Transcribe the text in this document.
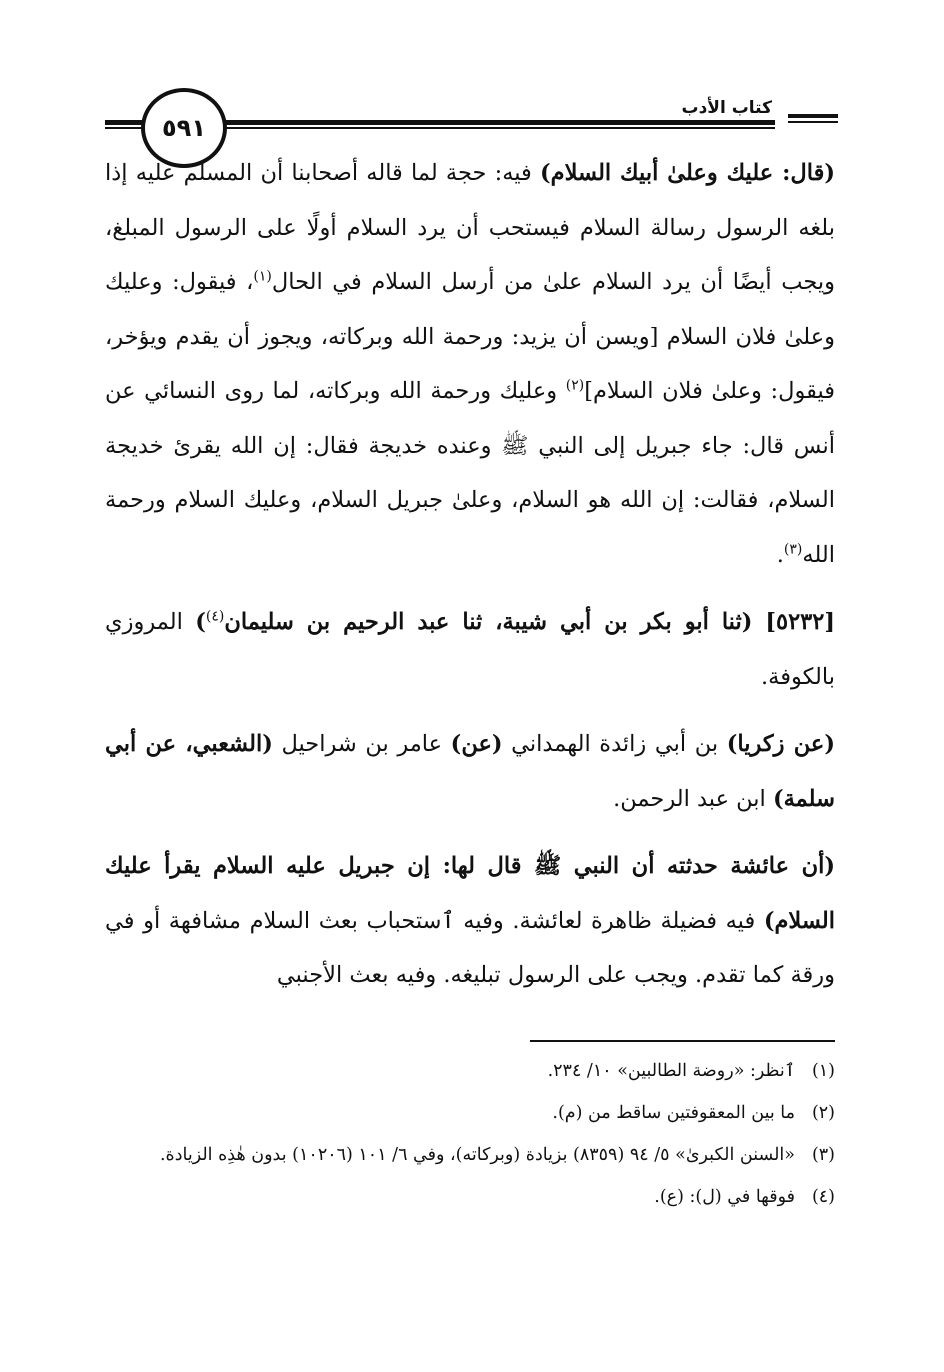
٥٩١
كتاب الأدب

(قال: عليك وعلىٰ أبيك السلام) فيه: حجة لما قاله أصحابنا أن المسلم عليه إذا بلغه الرسول رسالة السلام فيستحب أن يرد السلام أولًا على الرسول المبلغ، ويجب أيضًا أن يرد السلام علىٰ من أرسل السلام في الحال$^{(١)}$، فيقول: وعليك وعلىٰ فلان السلام [ويسن أن يزيد: ورحمة الله وبركاته، ويجوز أن يقدم ويؤخر، فيقول: وعلىٰ فلان السلام]$^{(٢)}$ وعليك ورحمة الله وبركاته، لما روى النسائي عن أنس قال: جاء جبريل إلى النبي ﷺ وعنده خديجة فقال: إن الله يقرئ خديجة السلام، فقالت: إن الله هو السلام، وعلىٰ جبريل السلام، وعليك السلام ورحمة الله$^{(٣)}$.

[٥٢٣٢] (ثنا أبو بكر بن أبي شيبة، ثنا عبد الرحيم بن سليمان$^{(٤)}$) المروزي بالكوفة.

(عن زكريا) بن أبي زائدة الهمداني (عن) عامر بن شراحيل (الشعبي، عن أبي سلمة) ابن عبد الرحمن.

(أن عائشة حدثته أن النبي ﷺ قال لها: إن جبريل عليه السلام يقرأ عليك السلام) فيه فضيلة ظاهرة لعائشة. وفيه ٱستحباب بعث السلام مشافهة أو في ورقة كما تقدم. ويجب على الرسول تبليغه. وفيه بعث الأجنبي

(١)
ٱنظر: «روضة الطالبين» ١٠/ ٢٣٤.
(٢)
ما بين المعقوفتين ساقط من (م).
(٣)
«السنن الكبرىٰ» ٥/ ٩٤ (٨٣٥٩) بزيادة (وبركاته)، وفي ٦/ ١٠١ (١٠٢٠٦) بدون هٰذِه الزيادة.
(٤)
فوقها في (ل): (ع).
